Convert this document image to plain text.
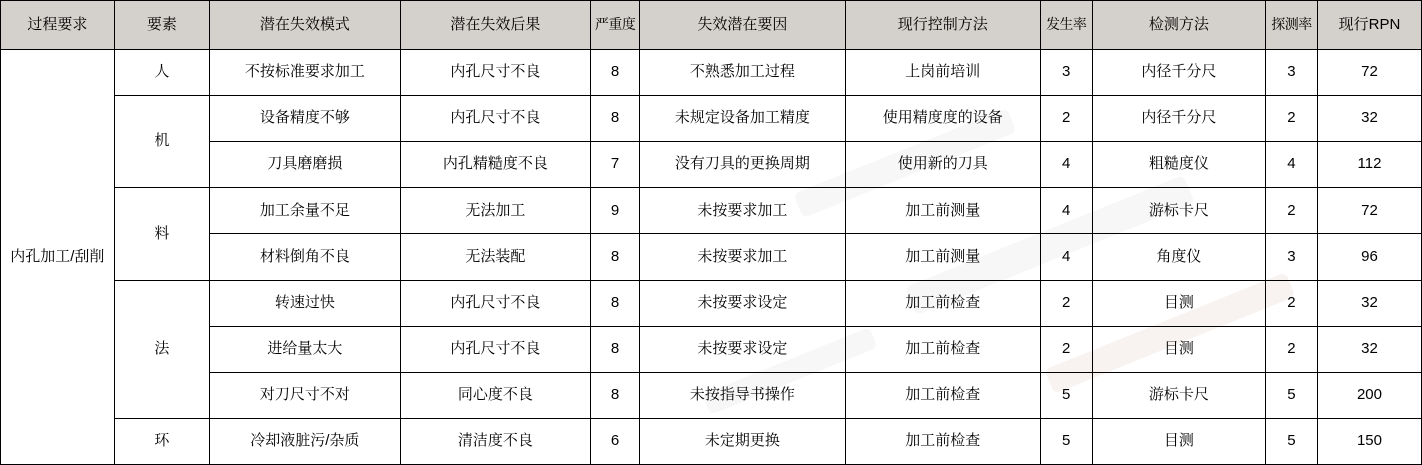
过程要求	要素	潜在失效模式	潜在失效后果	严重度	失效潜在要因	现行控制方法	发生率	检测方法	探测率	现行RPN
内孔加工/刮削	人	不按标准要求加工	内孔尺寸不良	8	不熟悉加工过程	上岗前培训	3	内径千分尺	3	72
	机	设备精度不够	内孔尺寸不良	8	未规定设备加工精度	使用精度度的设备	2	内径千分尺	2	32
		刀具磨磨损	内孔精糙度不良	7	没有刀具的更换周期	使用新的刀具	4	粗糙度仪	4	112
	料	加工余量不足	无法加工	9	未按要求加工	加工前测量	4	游标卡尺	2	72
		材料倒角不良	无法装配	8	未按要求加工	加工前测量	4	角度仪	3	96
	法	转速过快	内孔尺寸不良	8	未按要求设定	加工前检查	2	目测	2	32
		进给量太大	内孔尺寸不良	8	未按要求设定	加工前检查	2	目测	2	32
		对刀尺寸不对	同心度不良	8	未按指导书操作	加工前检查	5	游标卡尺	5	200
	环	冷却液脏污/杂质	清洁度不良	6	未定期更换	加工前检查	5	目测	5	150
